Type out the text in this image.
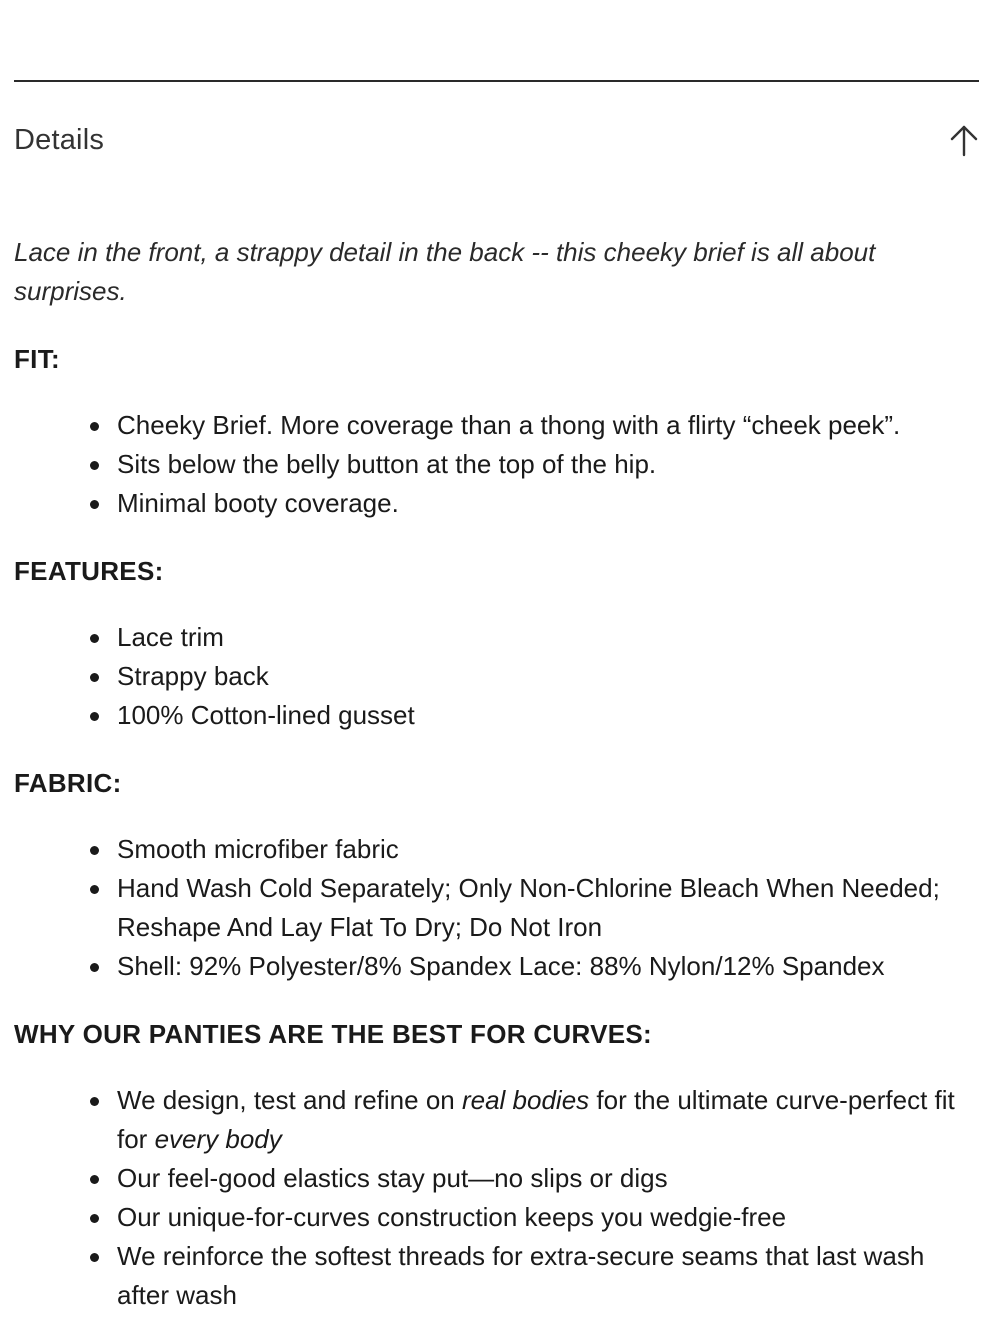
Details

Lace in the front, a strappy detail in the back -- this cheeky brief is all about surprises.

FIT:
Cheeky Brief. More coverage than a thong with a flirty “cheek peek”.
Sits below the belly button at the top of the hip.
Minimal booty coverage.
FEATURES:
Lace trim
Strappy back
100% Cotton-lined gusset
FABRIC:
Smooth microfiber fabric
Hand Wash Cold Separately; Only Non-Chlorine Bleach When Needed; Reshape And Lay Flat To Dry; Do Not Iron
Shell: 92% Polyester/8% Spandex Lace: 88% Nylon/12% Spandex
WHY OUR PANTIES ARE THE BEST FOR CURVES:
We design, test and refine on real bodies for the ultimate curve-perfect fit for every body
Our feel-good elastics stay put—no slips or digs
Our unique-for-curves construction keeps you wedgie-free
We reinforce the softest threads for extra-secure seams that last wash after wash
